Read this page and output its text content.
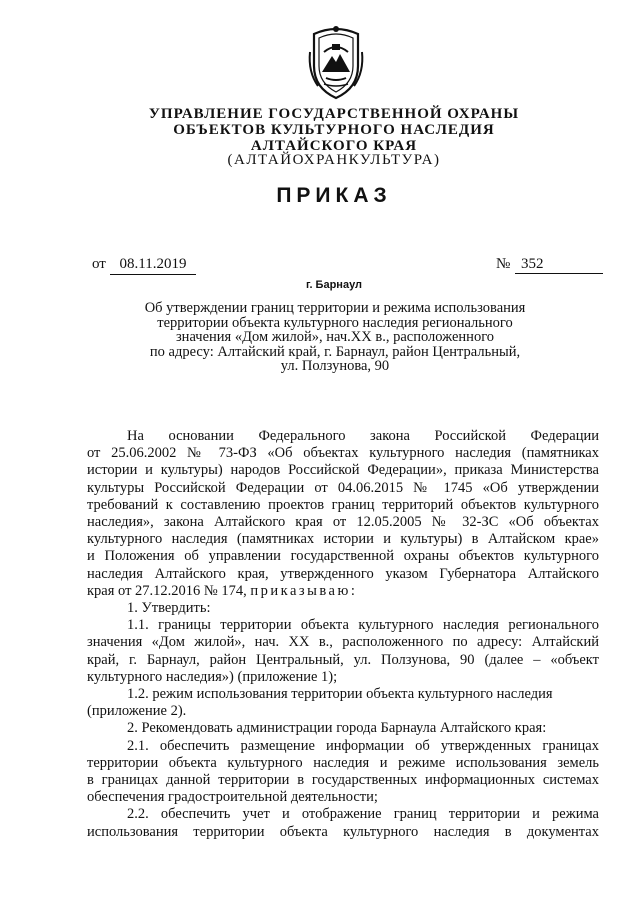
УПРАВЛЕНИЕ ГОСУДАРСТВЕННОЙ ОХРАНЫ
ОБЪЕКТОВ КУЛЬТУРНОГО НАСЛЕДИЯ
АЛТАЙСКОГО КРАЯ
(АЛТАЙОХРАНКУЛЬТУРА)
ПРИКАЗ
от 08.11.2019	№ 352
г. Барнаул
Об утверждении границ территории и режима использования
территории объекта культурного наследия регионального
значения «Дом жилой», нач.XX в., расположенного
по адресу: Алтайский край, г. Барнаул, район Центральный,
ул. Ползунова, 90

На основании Федерального закона Российской Федерации
от 25.06.2002 № 73-ФЗ «Об объектах культурного наследия (памятниках
истории и культуры) народов Российской Федерации», приказа Министерства
культуры Российской Федерации от 04.06.2015 № 1745 «Об утверждении
требований к составлению проектов границ территорий объектов культурного
наследия», закона Алтайского края от 12.05.2005 № 32-ЗС «Об объектах
культурного наследия (памятниках истории и культуры) в Алтайском крае»
и Положения об управлении государственной охраны объектов культурного
наследия Алтайского края, утвержденного указом Губернатора Алтайского
края от 27.12.2016 № 174, приказываю:

1. Утвердить:

1.1. границы территории объекта культурного наследия регионального
значения «Дом жилой», нач. XX в., расположенного по адресу: Алтайский
край, г. Барнаул, район Центральный, ул. Ползунова, 90 (далее – «объект
культурного наследия») (приложение 1);

1.2. режим использования территории объекта культурного наследия
(приложение 2).

2. Рекомендовать администрации города Барнаула Алтайского края:

2.1. обеспечить размещение информации об утвержденных границах
территории объекта культурного наследия и режиме использования земель
в границах данной территории в государственных информационных системах
обеспечения градостроительной деятельности;

2.2. обеспечить учет и отображение границ территории и режима
использования территории объекта культурного наследия в документах
